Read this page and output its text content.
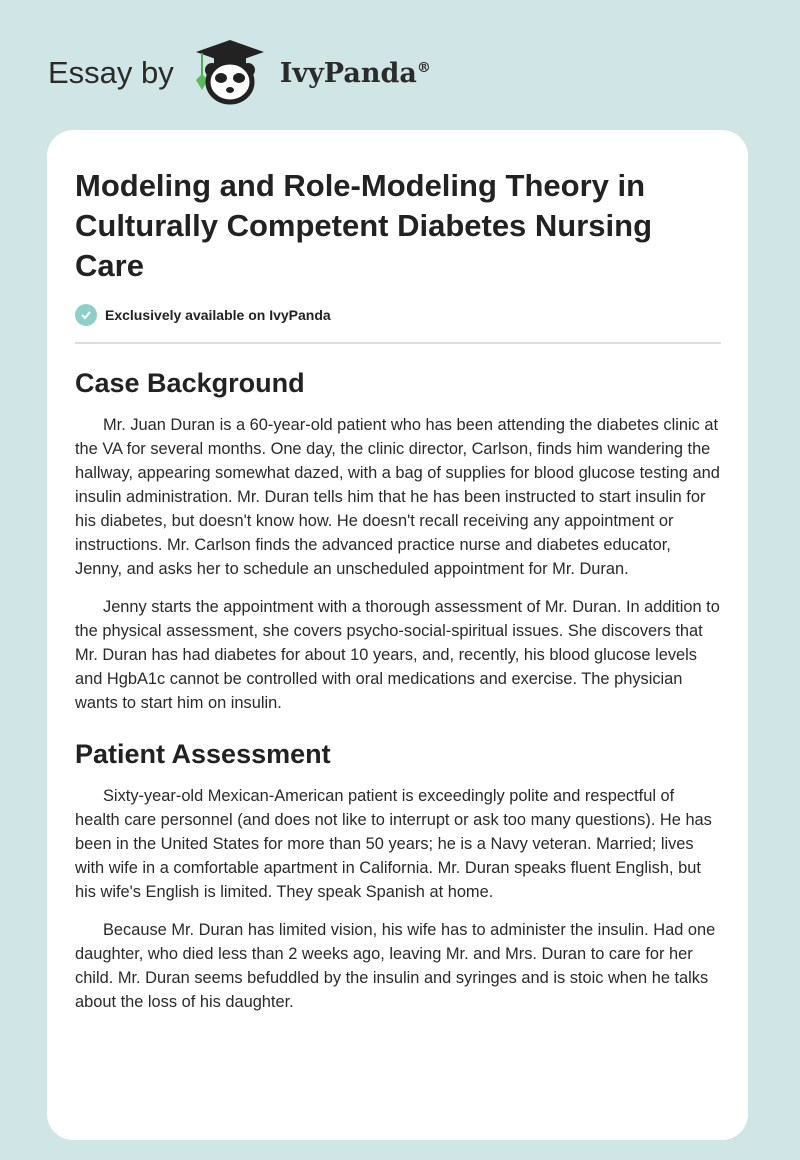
Essay by	IvyPanda®
Modeling and Role-Modeling Theory in Culturally Competent Diabetes Nursing Care
Exclusively available on IvyPanda
Case Background

Mr. Juan Duran is a 60-year-old patient who has been attending the diabetes clinic at the VA for several months. One day, the clinic director, Carlson, finds him wandering the hallway, appearing somewhat dazed, with a bag of supplies for blood glucose testing and insulin administration. Mr. Duran tells him that he has been instructed to start insulin for his diabetes, but doesn't know how. He doesn't recall receiving any appointment or instructions. Mr. Carlson finds the advanced practice nurse and diabetes educator, Jenny, and asks her to schedule an unscheduled appointment for Mr. Duran.

Jenny starts the appointment with a thorough assessment of Mr. Duran. In addition to the physical assessment, she covers psycho-social-spiritual issues. She discovers that Mr. Duran has had diabetes for about 10 years, and, recently, his blood glucose levels and HgbA1c cannot be controlled with oral medications and exercise. The physician wants to start him on insulin.

Patient Assessment

Sixty-year-old Mexican-American patient is exceedingly polite and respectful of health care personnel (and does not like to interrupt or ask too many questions). He has been in the United States for more than 50 years; he is a Navy veteran. Married; lives with wife in a comfortable apartment in California. Mr. Duran speaks fluent English, but his wife's English is limited. They speak Spanish at home.

Because Mr. Duran has limited vision, his wife has to administer the insulin. Had one daughter, who died less than 2 weeks ago, leaving Mr. and Mrs. Duran to care for her child. Mr. Duran seems befuddled by the insulin and syringes and is stoic when he talks about the loss of his daughter.
